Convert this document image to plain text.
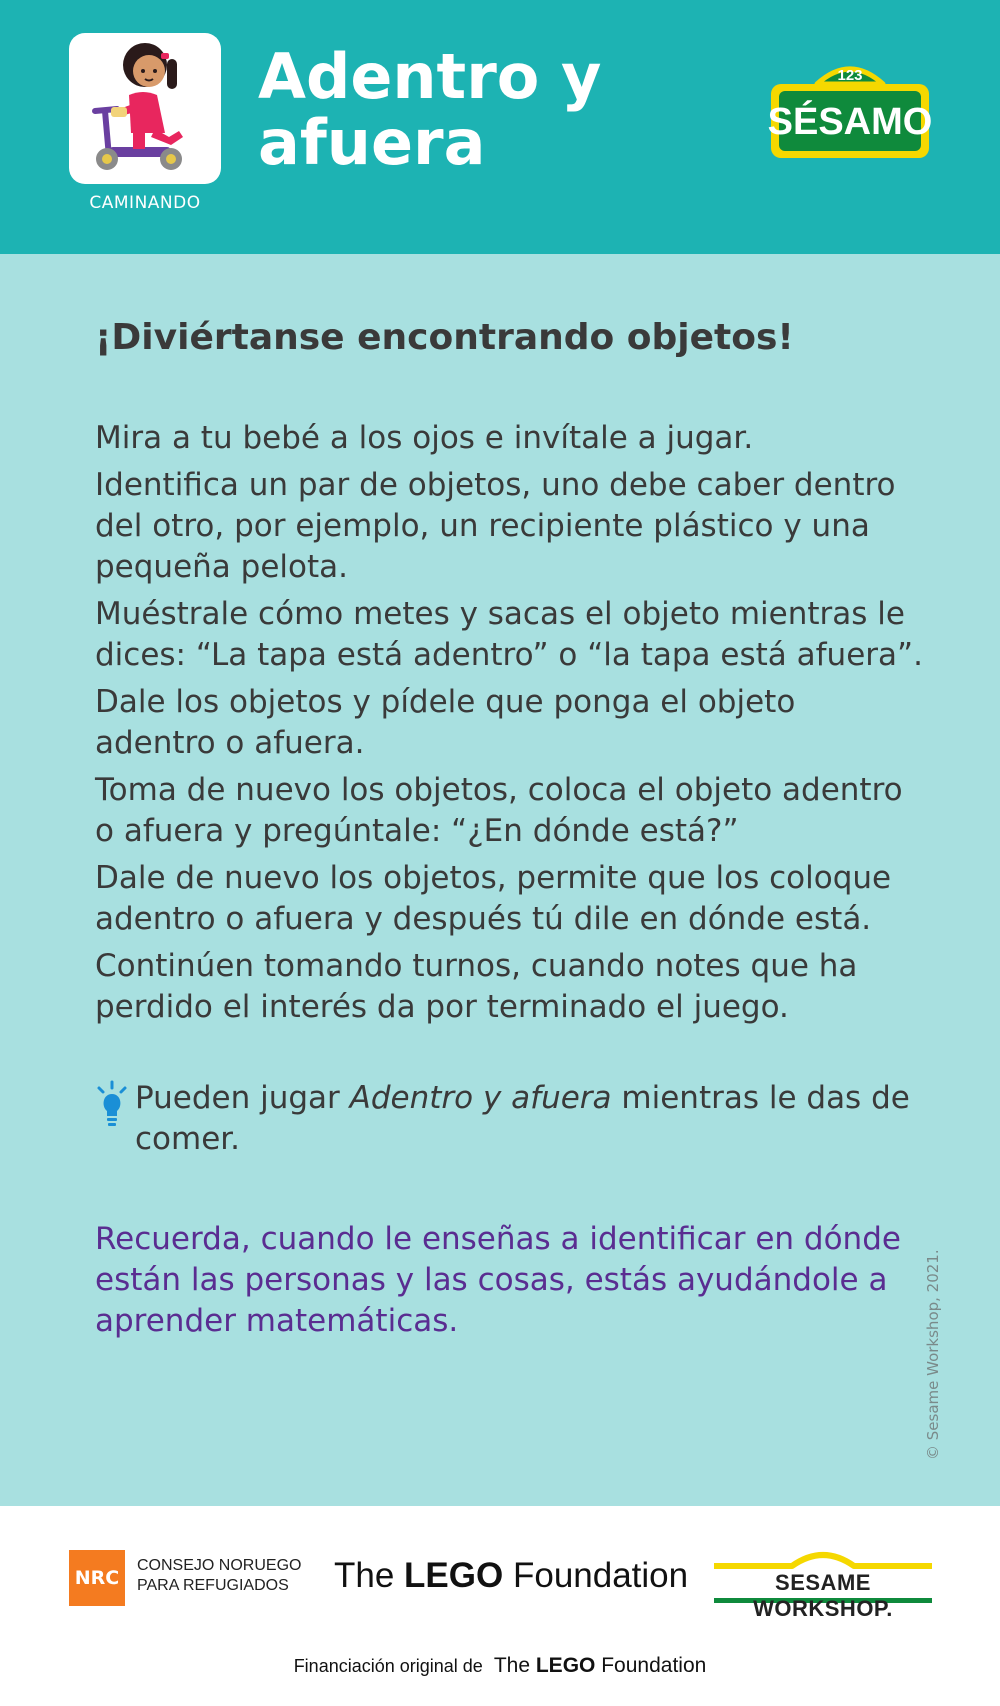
CAMINANDO
Adentro y
afuera
123
SÉSAMO
¡Diviértanse encontrando objetos!
Mira a tu bebé a los ojos e invítale a jugar.
Identifica un par de objetos, uno debe caber dentro del otro, por ejemplo, un recipiente plástico y una pequeña pelota.
Muéstrale cómo metes y sacas el objeto mientras le dices: “La tapa está adentro” o “la tapa está afuera”.
Dale los objetos y pídele que ponga el objeto adentro o afuera.
Toma de nuevo los objetos, coloca el objeto adentro o afuera y pregúntale: “¿En dónde está?”
Dale de nuevo los objetos, permite que los coloque adentro o afuera y después tú dile en dónde está.
Continúen tomando turnos, cuando notes que ha perdido el interés da por terminado el juego.
Pueden jugar Adentro y afuera mientras le das de comer.

Recuerda, cuando le enseñas a identificar en dónde están las personas y las cosas, estás ayudándole a aprender matemáticas.	© Sesame Workshop, 2021.
NRC
CONSEJO NORUEGO
PARA REFUGIADOS	The LEGO Foundation	SESAME WORKSHOP.
Financiación original de The LEGO Foundation
